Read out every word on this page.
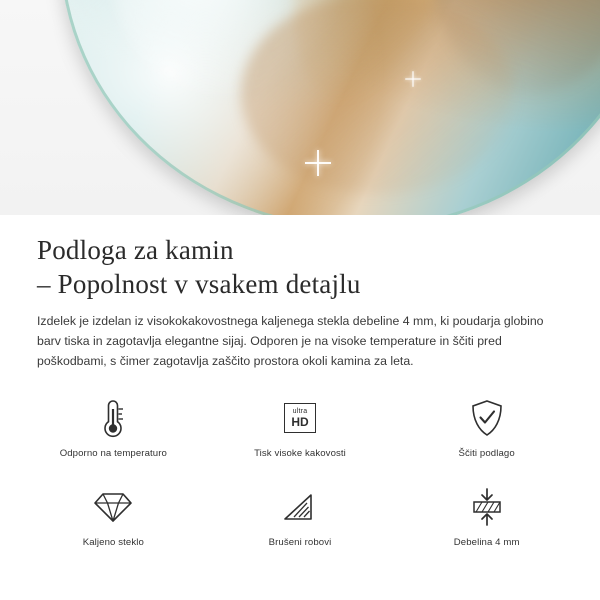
Podloga za kamin
– Popolnost v vsakem detajlu

Izdelek je izdelan iz visokokakovostnega kaljenega stekla debeline 4 mm, ki poudarja globino barv tiska in zagotavlja elegantne sijaj. Odporen je na visoke temperature in ščiti pred poškodbami, s čimer zagotavlja zaščito prostora okoli kamina za leta.

Odporno na temperaturo
ultra
HD
Tisk visoke kakovosti	Ščiti podlago
Kaljeno steklo	Brušeni robovi	Debelina 4 mm
